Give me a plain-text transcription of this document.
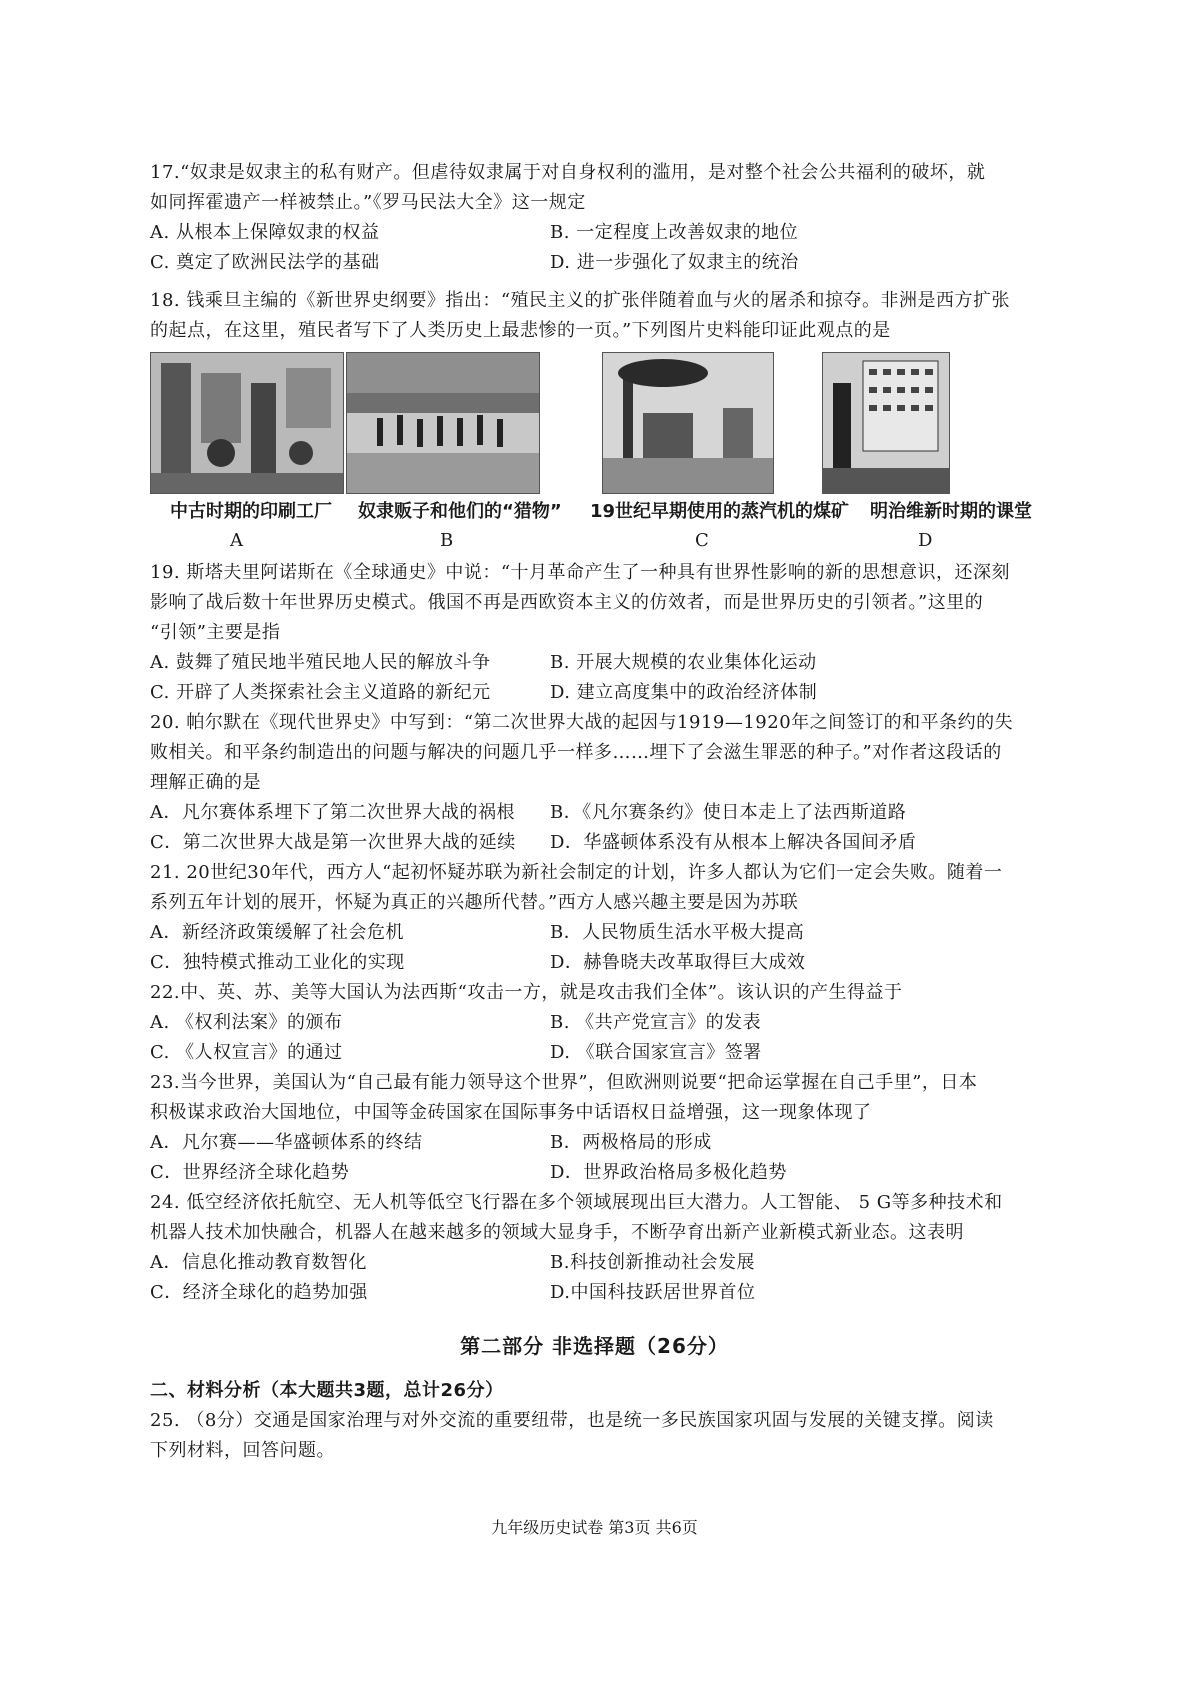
17.“奴隶是奴隶主的私有财产。但虐待奴隶属于对自身权利的滥用，是对整个社会公共福利的破坏，就
如同挥霍遗产一样被禁止。”《罗马民法大全》这一规定
A. 从根本上保障奴隶的权益	B. 一定程度上改善奴隶的地位
C. 奠定了欧洲民法学的基础	D. 进一步强化了奴隶主的统治
18. 钱乘旦主编的《新世界史纲要》指出：“殖民主义的扩张伴随着血与火的屠杀和掠夺。非洲是西方扩张
的起点，在这里，殖民者写下了人类历史上最悲惨的一页。”下列图片史料能印证此观点的是
中古时期的印刷工厂 奴隶贩子和他们的“猎物” 19世纪早期使用的蒸汽机的煤矿 明治维新时期的课堂
A	B	C	D
19. 斯塔夫里阿诺斯在《全球通史》中说：“十月革命产生了一种具有世界性影响的新的思想意识，还深刻
影响了战后数十年世界历史模式。俄国不再是西欧资本主义的仿效者，而是世界历史的引领者。”这里的
“引领”主要是指
A. 鼓舞了殖民地半殖民地人民的解放斗争	B. 开展大规模的农业集体化运动
C. 开辟了人类探索社会主义道路的新纪元	D. 建立高度集中的政治经济体制
20. 帕尔默在《现代世界史》中写到：“第二次世界大战的起因与1919—1920年之间签订的和平条约的失
败相关。和平条约制造出的问题与解决的问题几乎一样多……埋下了会滋生罪恶的种子。”对作者这段话的
理解正确的是
A．凡尔赛体系埋下了第二次世界大战的祸根 B．《凡尔赛条约》使日本走上了法西斯道路
C．第二次世界大战是第一次世界大战的延续 D．华盛顿体系没有从根本上解决各国间矛盾
21. 20世纪30年代，西方人“起初怀疑苏联为新社会制定的计划，许多人都认为它们一定会失败。随着一
系列五年计划的展开，怀疑为真正的兴趣所代替。”西方人感兴趣主要是因为苏联
A．新经济政策缓解了社会危机	B．人民物质生活水平极大提高
C．独特模式推动工业化的实现	D．赫鲁晓夫改革取得巨大成效
22.中、英、苏、美等大国认为法西斯“攻击一方，就是攻击我们全体”。该认识的产生得益于
A. 《权利法案》的颁布	B. 《共产党宣言》的发表
C. 《人权宣言》的通过	D. 《联合国家宣言》签署
23.当今世界，美国认为“自己最有能力领导这个世界”，但欧洲则说要“把命运掌握在自己手里”，日本
积极谋求政治大国地位，中国等金砖国家在国际事务中话语权日益增强，这一现象体现了
A．凡尔赛——华盛顿体系的终结	B．两极格局的形成
C．世界经济全球化趋势	D．世界政治格局多极化趋势
24. 低空经济依托航空、无人机等低空飞行器在多个领域展现出巨大潜力。人工智能、 5 G等多种技术和
机器人技术加快融合，机器人在越来越多的领域大显身手，不断孕育出新产业新模式新业态。这表明
A．信息化推动教育数智化	B.科技创新推动社会发展
C．经济全球化的趋势加强	D.中国科技跃居世界首位
第二部分 非选择题（26分）
二、材料分析（本大题共3题，总计26分）
25. （8分）交通是国家治理与对外交流的重要纽带，也是统一多民族国家巩固与发展的关键支撑。阅读
下列材料，回答问题。
九年级历史试卷 第3页 共6页
